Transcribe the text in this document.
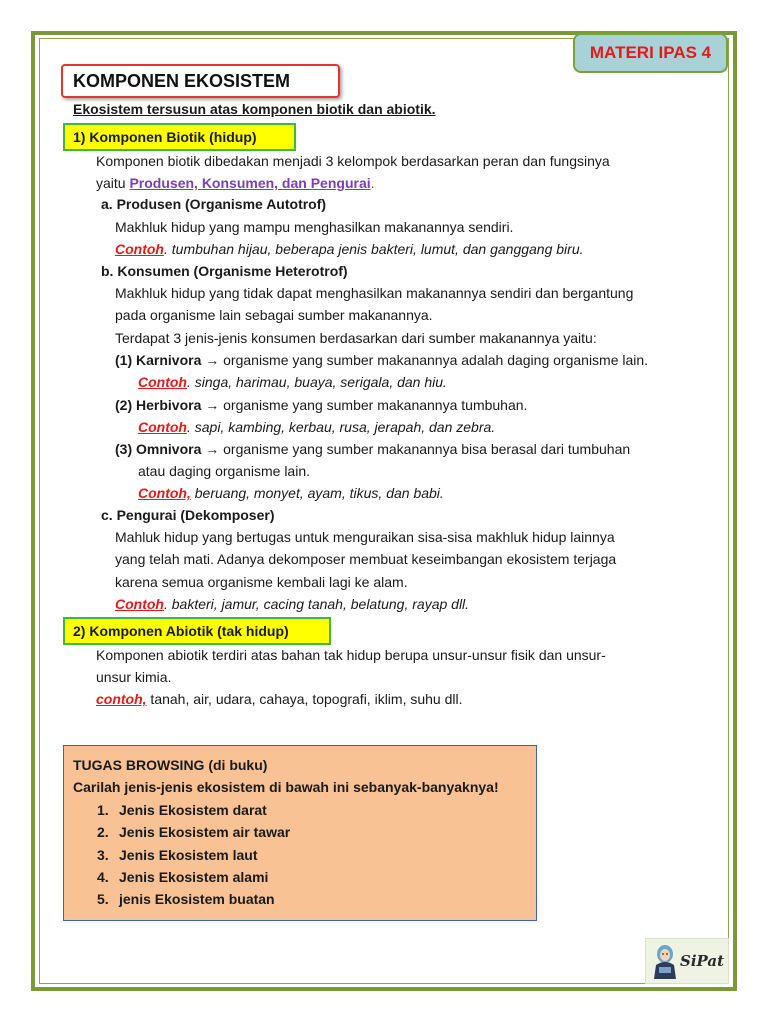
MATERI IPAS 4
KOMPONEN EKOSISTEM
Ekosistem tersusun atas komponen biotik dan abiotik.
1) Komponen Biotik (hidup)
Komponen biotik dibedakan menjadi 3 kelompok berdasarkan peran dan fungsinya
yaitu Produsen, Konsumen, dan Pengurai.
a. Produsen (Organisme Autotrof)
Makhluk hidup yang mampu menghasilkan makanannya sendiri.
Contoh. tumbuhan hijau, beberapa jenis bakteri, lumut, dan ganggang biru.
b. Konsumen (Organisme Heterotrof)
Makhluk hidup yang tidak dapat menghasilkan makanannya sendiri dan bergantung
pada organisme lain sebagai sumber makanannya.
Terdapat 3 jenis-jenis konsumen berdasarkan dari sumber makanannya yaitu:
(1) Karnivora → organisme yang sumber makanannya adalah daging organisme lain.
Contoh. singa, harimau, buaya, serigala, dan hiu.
(2) Herbivora → organisme yang sumber makanannya tumbuhan.
Contoh. sapi, kambing, kerbau, rusa, jerapah, dan zebra.
(3) Omnivora → organisme yang sumber makanannya bisa berasal dari tumbuhan
atau daging organisme lain.
Contoh, beruang, monyet, ayam, tikus, dan babi.
c. Pengurai (Dekomposer)
Mahluk hidup yang bertugas untuk menguraikan sisa-sisa makhluk hidup lainnya
yang telah mati. Adanya dekomposer membuat keseimbangan ekosistem terjaga
karena semua organisme kembali lagi ke alam.
Contoh. bakteri, jamur, cacing tanah, belatung, rayap dll.
2) Komponen Abiotik (tak hidup)
Komponen abiotik terdiri atas bahan tak hidup berupa unsur-unsur fisik dan unsur-
unsur kimia.
contoh, tanah, air, udara, cahaya, topografi, iklim, suhu dll.
TUGAS BROWSING (di buku)
Carilah jenis-jenis ekosistem di bawah ini sebanyak-banyaknya!
1. Jenis Ekosistem darat
2. Jenis Ekosistem air tawar
3. Jenis Ekosistem laut
4. Jenis Ekosistem alami
5. jenis Ekosistem buatan
SiPat
